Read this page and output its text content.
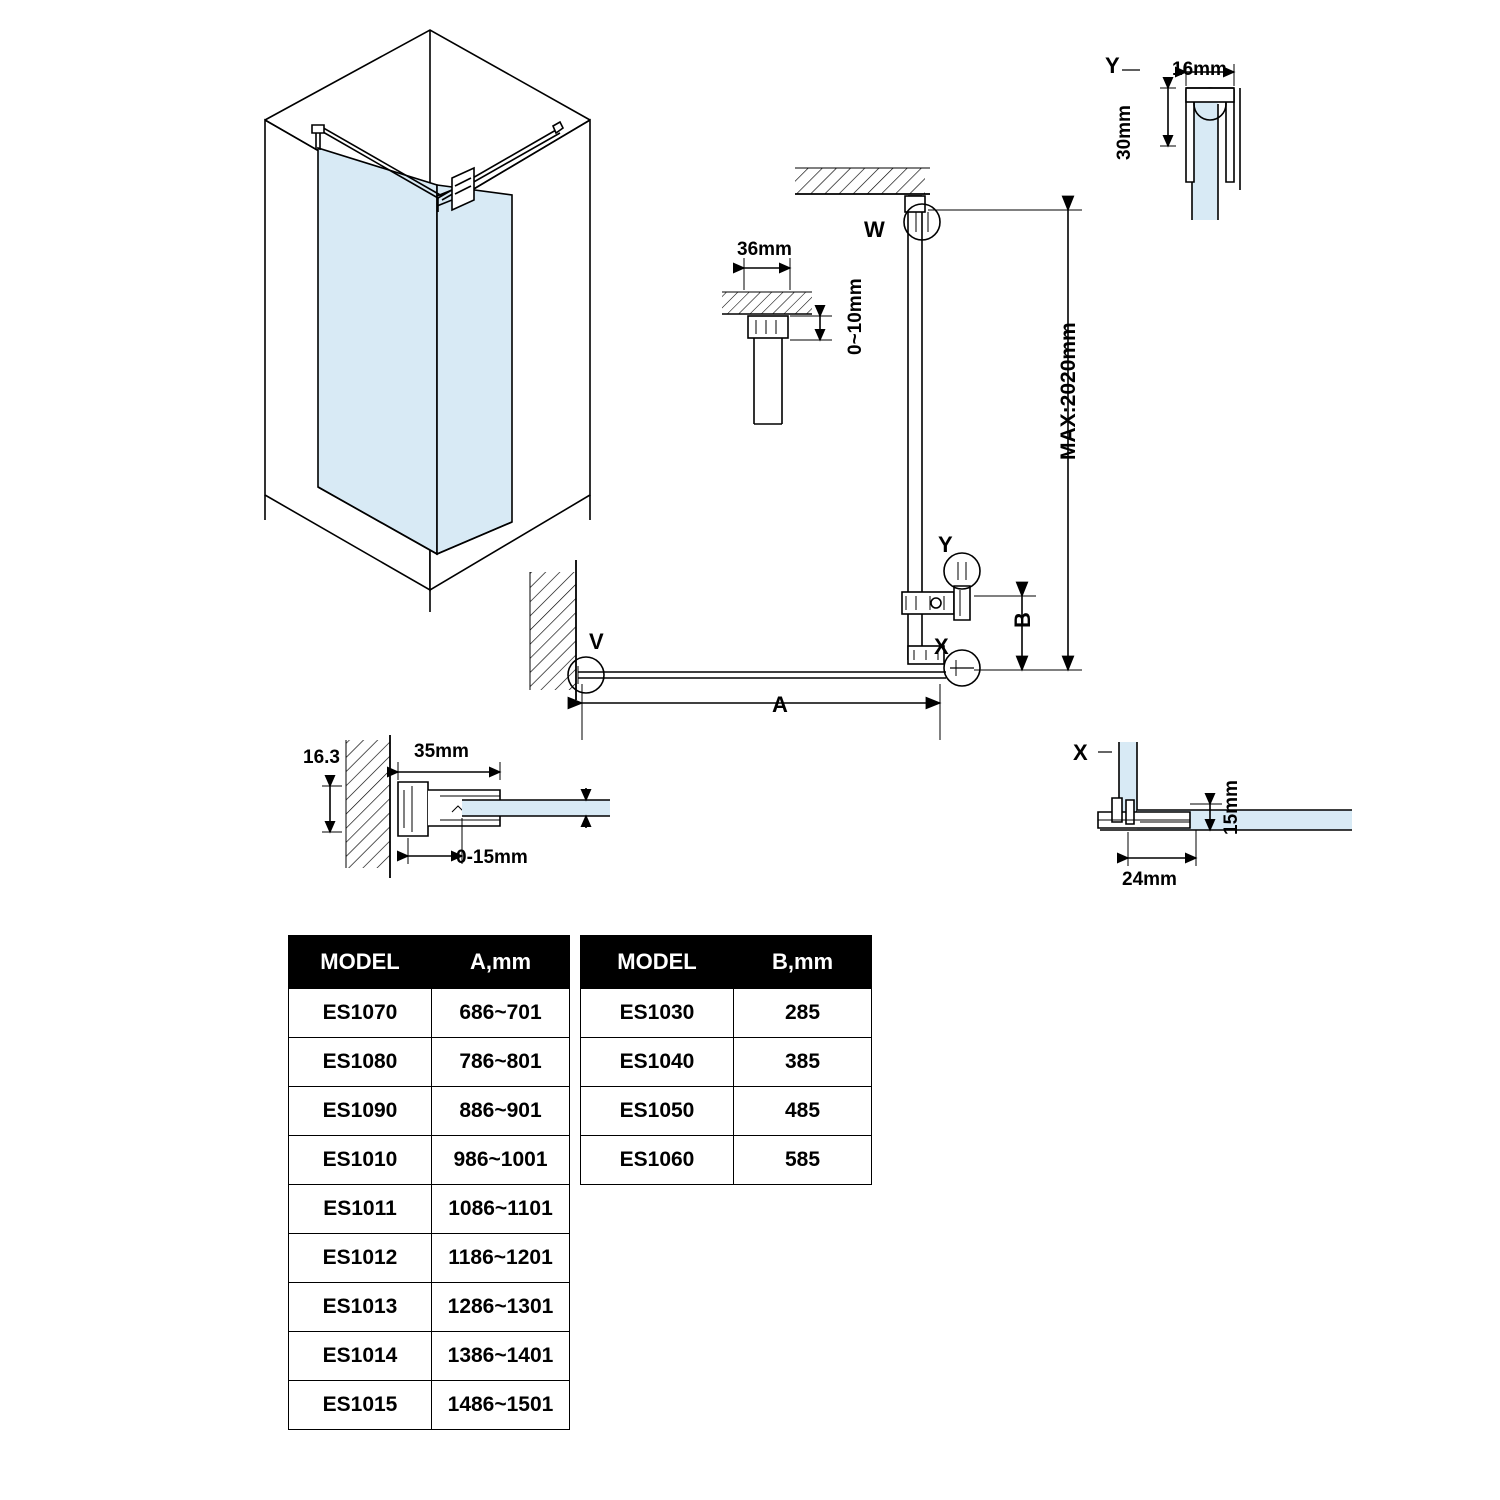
Y	16mm
30mm
36mm
0~10mm
W
Y
X
V
MAX:2020mm
A
B
16.3	35mm
0-15mm
X
15mm
24mm
MODEL	A,mm
ES1070	686~701
ES1080	786~801
ES1090	886~901
ES1010	986~1001
ES1011	1086~1101
ES1012	1186~1201
ES1013	1286~1301
ES1014	1386~1401
ES1015	1486~1501
MODEL	B,mm
ES1030	285
ES1040	385
ES1050	485
ES1060	585
